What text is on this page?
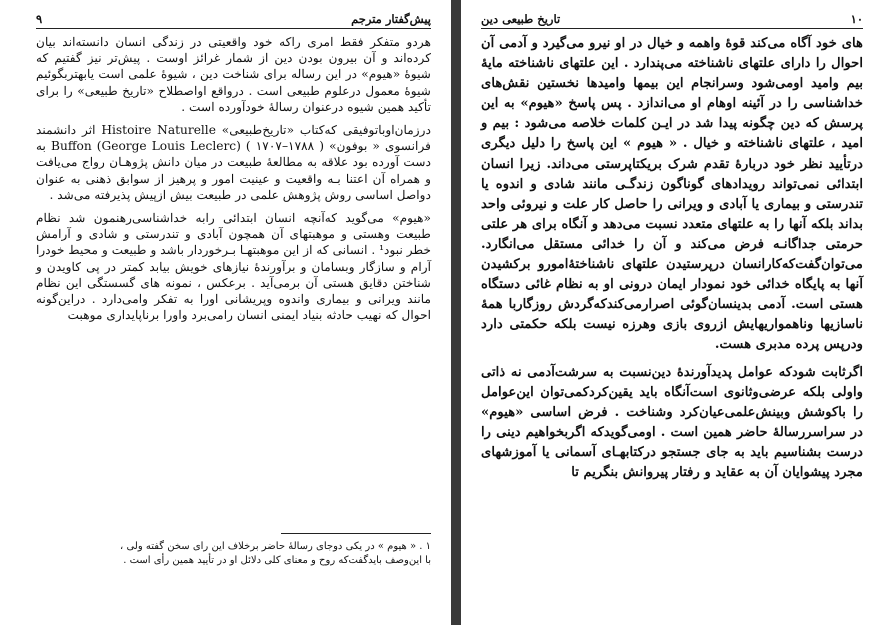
پیش‌گفتار مترجم
۹

هردو متفکر فقط امری راکه خود واقعیتی در زندگی انسان دانسته‌اند بیان کرده‌اند و آن بیرون بودن دین از شمار غرائز اوست . پیش‌تر نیز گفتیم که شیوهٔ «هیوم» در این رساله برای شناخت دین ، شیوهٔ علمی است یابهتربگوئیم شیوهٔ معمول درعلوم طبیعی است . درواقع اواصطلاح «تاریخ طبیعی» را برای تأکید همین شیوه درعنوان رسالهٔ خودآورده است .

درزمان‌اوباتوفیقی که‌کتاب «تاریخ‌طبیعی» Histoire Naturelle اثر دانشمند فرانسوی « بوفون» Buffon (George Louis Leclerc) ( ۱۷۰۷–۱۷۸۸ ) به دست آورده بود علاقه به مطالعهٔ طبیعت در میان دانش پژوهـان رواج می‌یافت و همراه آن اعتنا بـه واقعیت و عینیت امور و پرهیز از سوابق ذهنی به عنوان دواصل اساسی روش پژوهش علمی در طبیعت بیش ازپیش پذیرفته می‌شد .

«هیوم» می‌گوید که‌آنچه انسان ابتدائی رابه خداشناسی‌رهنمون شد نظام طبیعت وهستی و موهبتهای آن همچون آبادی و تندرستی و شادی و آرامش خطر نبود¹ . انسانی که از این موهبتهـا بـرخوردار باشد و طبیعت و محیط خودرا آرام و سازگار وبسامان و برآورندهٔ نیازهای خویش بیابد کمتر در پی کاویدن و شناختن دقایق هستی آن برمی‌آید . برعکس ، نمونه های گسستگی این نظام مانند ویرانی و بیماری واندوه وپریشانی اورا به تفکر وامی‌دارد . دراین‌گونه احوال که نهیب حادثه بنیاد ایمنی انسان رامی‌برد واورا برناپایداری موهبت‌

۱ . « هیوم » در یکی دوجای رسالهٔ حاضر برخلاف این رای سخن گفته ولی ،
با این‌وصف باید‌گفت‌که روح و معنای کلی دلائل او در تأیید همین رأی است .
۱۰
تاریخ طبیعی دین

های خود آگاه می‌کند قوهٔ واهمه و خیال در او نیرو می‌گیرد و آدمی آن احوال را دارای علتهای ناشناخته می‌پندارد . این علتهای ناشناخته مایهٔ بیم وامید اومی‌شود وسرانجام این بیمها وامیدها نخستین نقش‌های خداشناسی را در آئینه اوهام او می‌اندازد . پس پاسخ «هیوم» به این پرسش که دین چگونه پیدا شد در ایـن کلمات خلاصه می‌شود : بیم و امید ، علتهای ناشناخته و خیال . « هیوم » این پاسخ را دلیل دیگری درتأیید نظر خود دربارهٔ تقدم شرک بریکتاپرستی می‌داند. زیرا انسان ابتدائی نمی‌تواند رویدادهای گوناگون زندگـی مانند شادی و اندوه یا تندرستی و بیماری یا آبادی و ویرانی را حاصل کار علت و نیروئی واحد بداند بلکه آنها را به علتهای متعدد نسبت می‌دهد و آنگاه برای هر علتی حرمتی جداگانـه فرض می‌کند و آن را خدائی مستقل می‌انگارد. می‌توان‌گفت‌که‌کارانسان درپرستیدن علتهای ناشناختهٔ‌امورو برکشیدن آنها به پایگاه خدائی خود نمودار ایمان درونی او به نظام غائی دستگاه هستی است. آدمی بدینسان‌گوئی اصرارمی‌کندکه‌گردش روزگاربا همهٔ ناسازیها وناهمواریهایش ازروی بازی وهرزه نیست بلکه حکمتی دارد ودرپس پرده مدبری هست.

اگرثابت شودکه عوامل پدیدآورندهٔ دین‌نسبت به سرشت‌آدمی نه ذاتی واولی بلکه عرضی‌وثانوی است‌آنگاه باید یقین‌کرد‌کمی‌توان این‌عوامل را باکوشش وبینش‌علمی‌عیان‌کرد وشناخت . فرض اساسی «هیوم» در سراسررسالهٔ حاضر همین است . اومی‌گویدکه اگربخواهیم دینی را درست بشناسیم باید به جای جستجو درکتابهـای آسمانی یا آموزشهای مجرد پیشوایان آن به عقاید و رفتار پیروانش بنگریم تا
